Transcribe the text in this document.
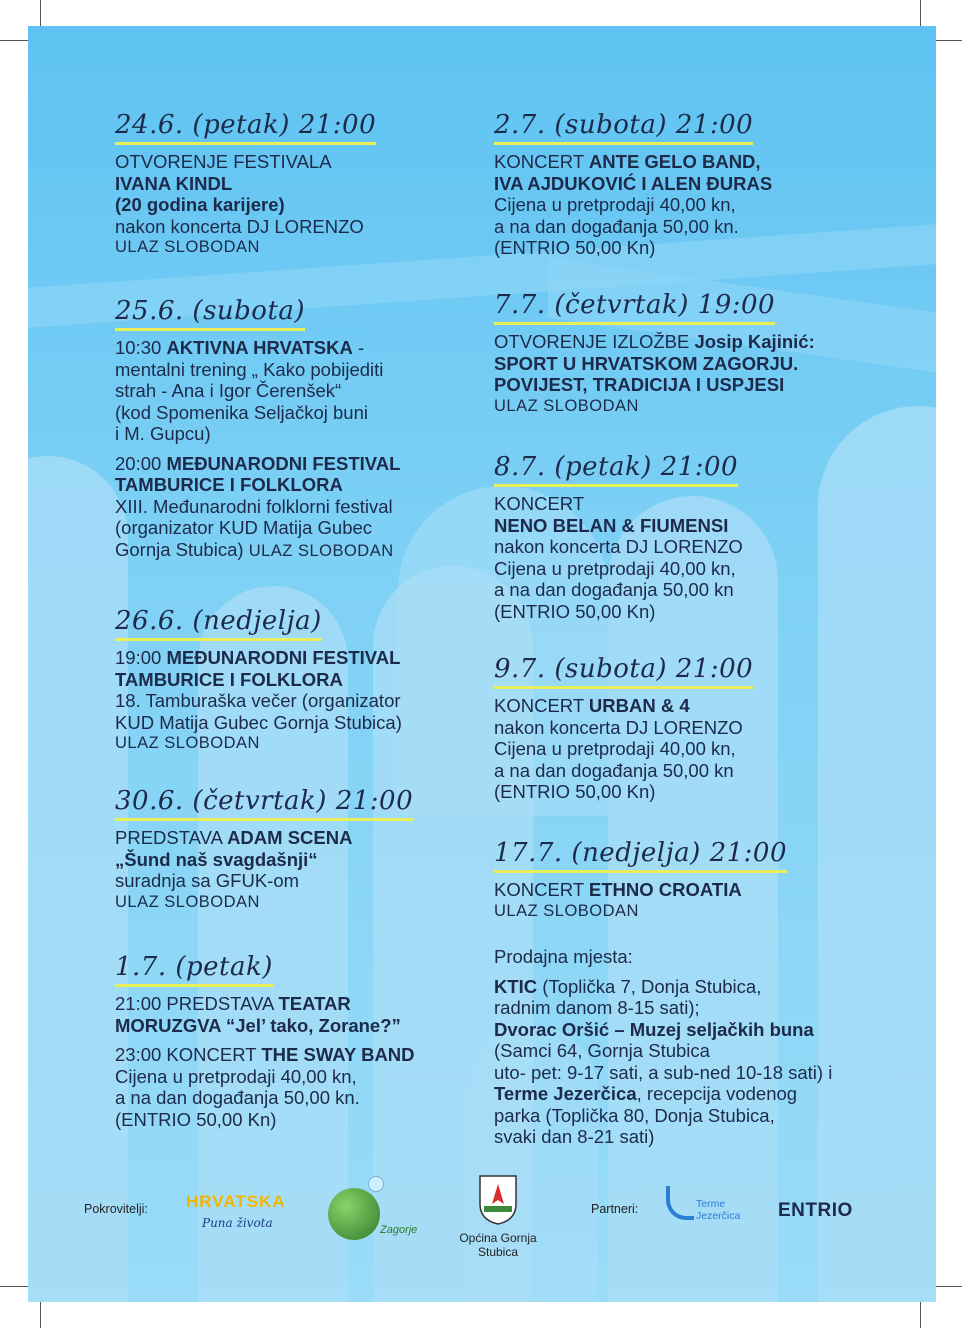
24.6. (petak) 21:00
OTVORENJE FESTIVALA
IVANA KINDL
(20 godina karijere)
nakon koncerta DJ LORENZO
ULAZ SLOBODAN
25.6. (subota)
10:30 AKTIVNA HRVATSKA -
mentalni trening „ Kako pobijediti
strah - Ana i Igor Čerenšek“
(kod Spomenika Seljačkoj buni
i M. Gupcu)
20:00 MEĐUNARODNI FESTIVAL
TAMBURICE I FOLKLORA
XIII. Međunarodni folklorni festival
(organizator KUD Matija Gubec
Gornja Stubica) ULAZ SLOBODAN
26.6. (nedjelja)
19:00 MEĐUNARODNI FESTIVAL
TAMBURICE I FOLKLORA
18. Tamburaška večer (organizator
KUD Matija Gubec Gornja Stubica)
ULAZ SLOBODAN
30.6. (četvrtak) 21:00
PREDSTAVA ADAM SCENA
„Šund naš svagdašnji“
suradnja sa GFUK-om
ULAZ SLOBODAN
1.7. (petak)
21:00 PREDSTAVA TEATAR
MORUZGVA “Jel’ tako, Zorane?”
23:00 KONCERT THE SWAY BAND
Cijena u pretprodaji 40,00 kn,
a na dan događanja 50,00 kn.
(ENTRIO 50,00 Kn)
2.7. (subota) 21:00
KONCERT ANTE GELO BAND,
IVA AJDUKOVIĆ I ALEN ĐURAS
Cijena u pretprodaji 40,00 kn,
a na dan događanja 50,00 kn.
(ENTRIO 50,00 Kn)
7.7. (četvrtak) 19:00
OTVORENJE IZLOŽBE Josip Kajinić:
SPORT U HRVATSKOM ZAGORJU.
POVIJEST, TRADICIJA I USPJESI
ULAZ SLOBODAN
8.7. (petak) 21:00
KONCERT
NENO BELAN & FIUMENSI
nakon koncerta DJ LORENZO
Cijena u pretprodaji 40,00 kn,
a na dan događanja 50,00 kn
(ENTRIO 50,00 Kn)
9.7. (subota) 21:00
KONCERT URBAN & 4
nakon koncerta DJ LORENZO
Cijena u pretprodaji 40,00 kn,
a na dan događanja 50,00 kn
(ENTRIO 50,00 Kn)
17.7. (nedjelja) 21:00
KONCERT ETHNO CROATIA
ULAZ SLOBODAN
Prodajna mjesta:
KTIC (Toplička 7, Donja Stubica,
radnim danom 8-15 sati);
Dvorac Oršić – Muzej seljačkih buna
(Samci 64, Gornja Stubica
uto- pet: 9-17 sati, a sub-ned 10-18 sati) i
Terme Jezerčica, recepcija vodenog
parka (Toplička 80, Donja Stubica,
svaki dan 8-21 sati)
Pokrovitelji: HRVATSKA
Puna života	Zagorje
Općina Gornja
Stubica
Partneri:	Terme
Jezerčica ENTRIO
